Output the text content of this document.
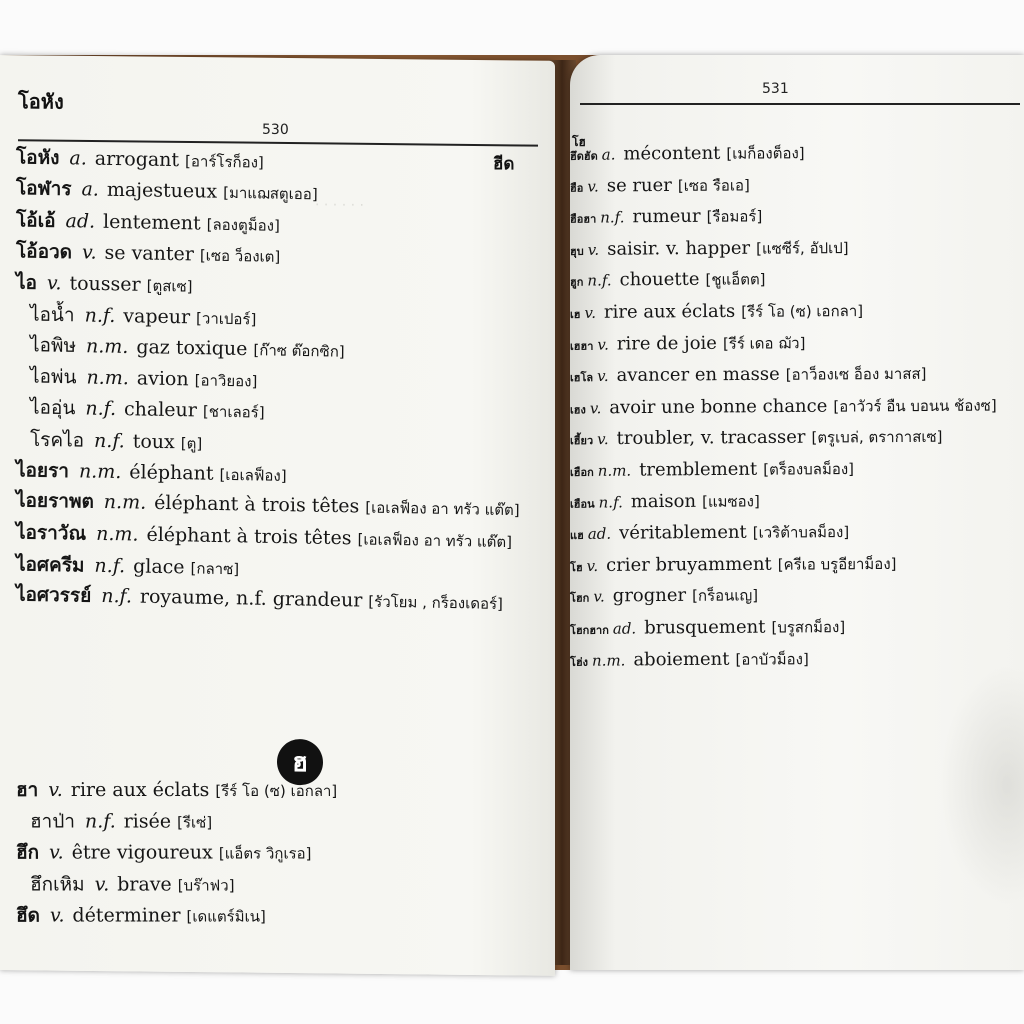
โอหัง
530
ฮีด
โอหัง a. arrogant [อาร์โรก็อง]
โอฬาร a. majestueux [มาแฌสตูเออ]
โอ้เอ้ ad. lentement [ลองตูม็อง]
โอ้อวด v. se vanter [เซอ ว็องเต]
ไอ v. tousser [ตูสเซ]
ไอน้ำ n.f. vapeur [วาเปอร์]
ไอพิษ n.m. gaz toxique [ก๊าซ ต๊อกซิก]
ไอพ่น n.m. avion [อาวิยอง]
ไออุ่น n.f. chaleur [ชาเลอร์]
โรคไอ n.f. toux [ตู]
ไอยรา n.m. éléphant [เอเลฟ็อง]
ไอยราพต n.m. éléphant à trois têtes [เอเลฟ็อง อา ทรัว แต๊ต]
ไอราวัณ n.m. éléphant à trois têtes [เอเลฟ็อง อา ทรัว แต๊ต]
ไอศครีม n.f. glace [กลาซ]
ไอศวรรย์ n.f. royaume, n.f. grandeur [รัวโยม , กร็องเดอร์]
ฮ
ฮา v. rire aux éclats [รีร์ โอ (ซ) เอกลา]
ฮาป่า n.f. risée [รีเซ่]
ฮึก v. être vigoureux [แอ็ตร วิกูเรอ]
ฮึกเหิม v. brave [บร๊าฟว]
ฮึด v. déterminer [เดแตร์มิเน]
. . . . . .
531
โฮ
ฮึดฮัด a. mécontent [เมก็องต็อง]
ฮือ v. se ruer [เซอ รือเอ]
ฮือฮา n.f. rumeur [รือมอร์]
ฮุบ v. saisir. v. happer [แซซีร์, อัปเป]
ฮูก n.f. chouette [ชูแอ็ตต]
เฮ v. rire aux éclats [รีร์ โอ (ซ) เอกลา]
เฮฮา v. rire de joie [รีร์ เดอ ฌัว]
เฮโล v. avancer en masse [อาว็องเซ อ็อง มาสส]
เฮง v. avoir une bonne chance [อาวัวร์ อืน บอนน ช้องซ]
เฮี้ยว v. troubler, v. tracasser [ตรูเบล่, ตรากาสเซ]
เฮือก n.m. tremblement [ตร็องบลม็อง]
เฮือน n.f. maison [แมซอง]
แฮ ad. véritablement [เวริต้าบลม็อง]
โฮ v. crier bruyamment [ครีเอ บรูอียาม็อง]
โฮก v. grogner [กร็อนเญ]
โฮกฮาก ad. brusquement [บรูสกม็อง]
โฮ่ง n.m. aboiement [อาบัวม็อง]
